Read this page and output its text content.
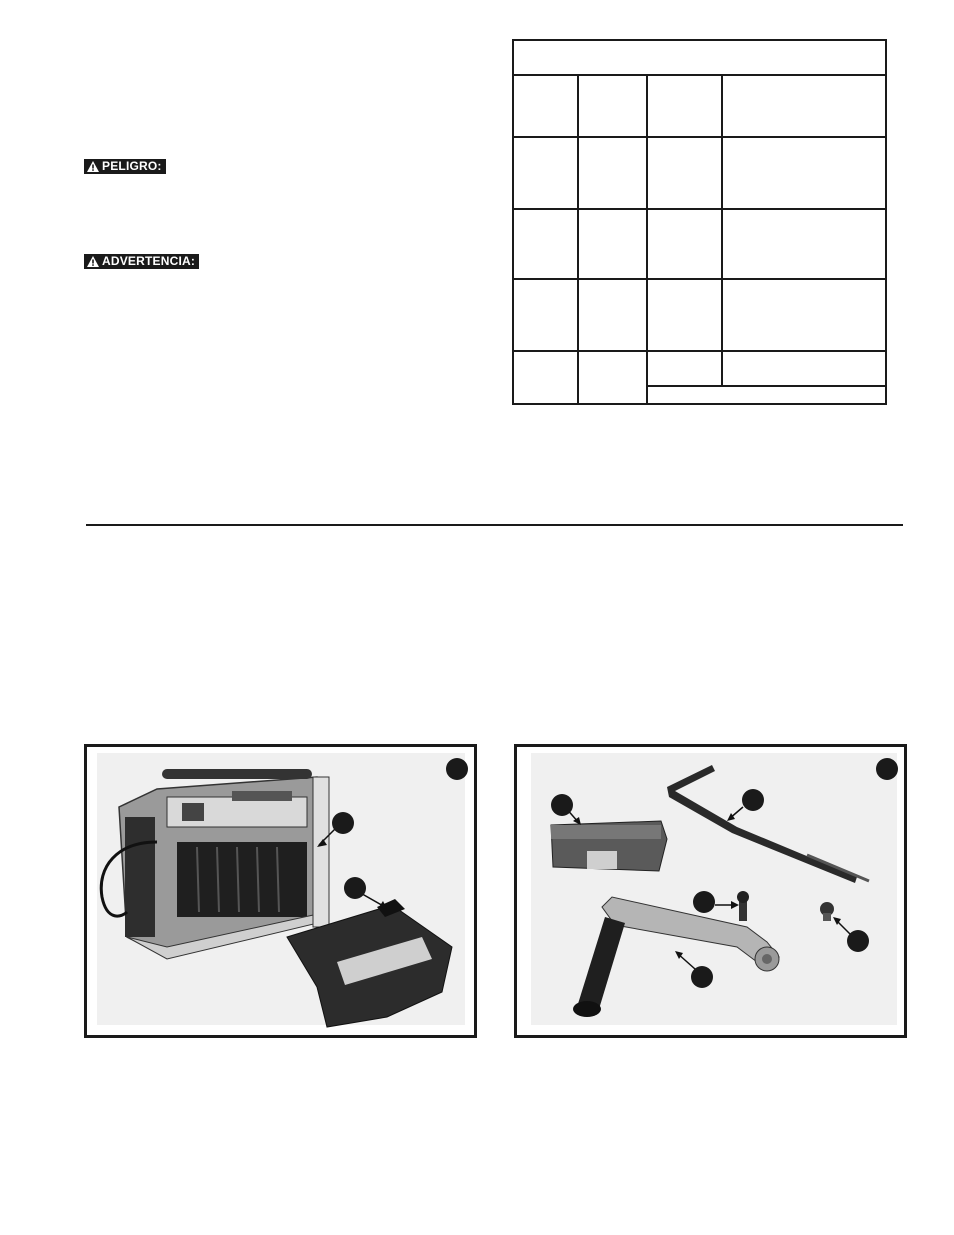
PELIGRO:
ADVERTENCIA:
